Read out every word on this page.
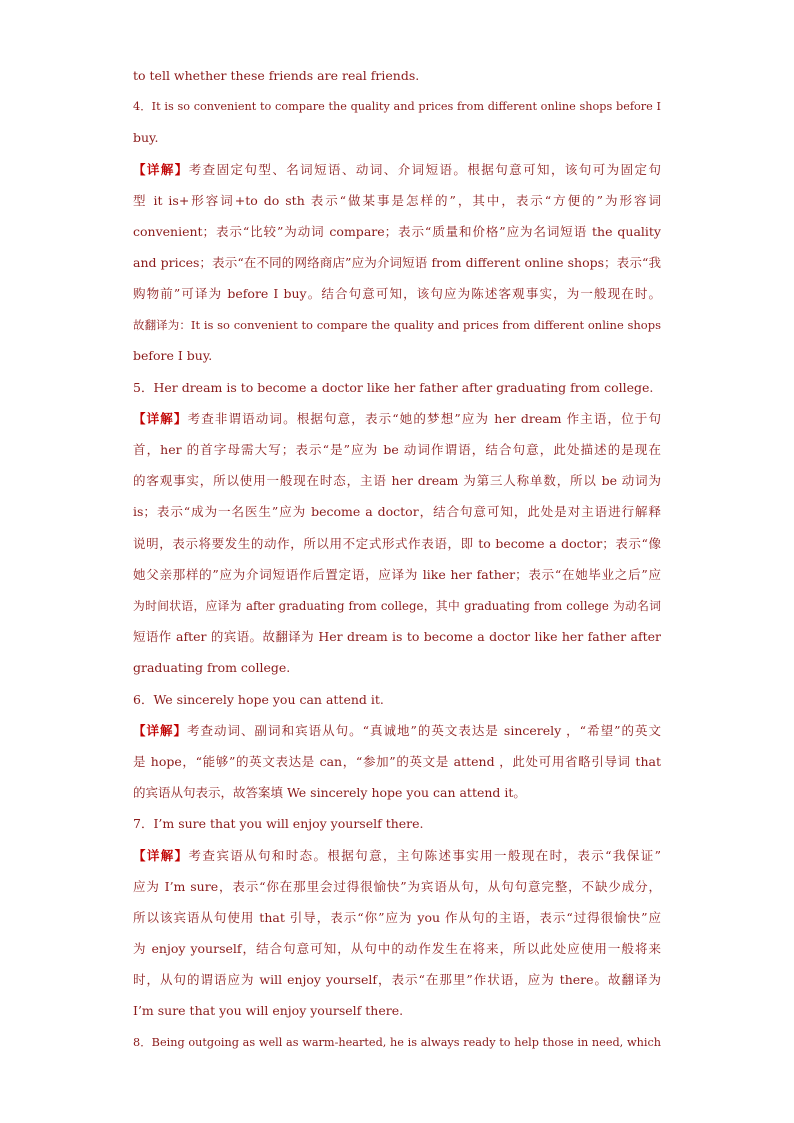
to tell whether these friends are real friends.
4．It is so convenient to compare the quality and prices from different online shops before I
buy.
【详解】考查固定句型、名词短语、动词、介词短语。根据句意可知，该句可为固定句
型 it is+形容词+to do sth 表示“做某事是怎样的”，其中，表示“方便的”为形容词
convenient；表示“比较”为动词 compare；表示“质量和价格”应为名词短语 the quality
and prices；表示“在不同的网络商店”应为介词短语 from different online shops；表示“我
购物前”可译为 before I buy。结合句意可知，该句应为陈述客观事实，为一般现在时。
故翻译为：It is so convenient to compare the quality and prices from different online shops
before I buy.
5．Her dream is to become a doctor like her father after graduating from college.
【详解】考查非谓语动词。根据句意，表示“她的梦想”应为 her dream 作主语，位于句
首，her 的首字母需大写；表示“是”应为 be 动词作谓语，结合句意，此处描述的是现在
的客观事实，所以使用一般现在时态，主语 her dream 为第三人称单数，所以 be 动词为
is；表示“成为一名医生”应为 become a doctor，结合句意可知，此处是对主语进行解释
说明，表示将要发生的动作，所以用不定式形式作表语，即 to become a doctor；表示“像
她父亲那样的”应为介词短语作后置定语，应译为 like her father；表示“在她毕业之后”应
为时间状语，应译为 after graduating from college，其中 graduating from college 为动名词
短语作 after 的宾语。故翻译为 Her dream is to become a doctor like her father after
graduating from college.
6．We sincerely hope you can attend it.
【详解】考查动词、副词和宾语从句。“真诚地”的英文表达是 sincerely ，“希望”的英文
是 hope，“能够”的英文表达是 can，“参加”的英文是 attend ，此处可用省略引导词 that
的宾语从句表示，故答案填 We sincerely hope you can attend it。
7．I’m sure that you will enjoy yourself there.
【详解】考查宾语从句和时态。根据句意，主句陈述事实用一般现在时，表示“我保证”
应为 I’m sure，表示“你在那里会过得很愉快”为宾语从句，从句句意完整，不缺少成分，
所以该宾语从句使用 that 引导，表示“你”应为 you 作从句的主语，表示“过得很愉快”应
为 enjoy yourself，结合句意可知，从句中的动作发生在将来，所以此处应使用一般将来
时，从句的谓语应为 will enjoy yourself，表示“在那里”作状语，应为 there。故翻译为
I’m sure that you will enjoy yourself there.
8．Being outgoing as well as warm-hearted, he is always ready to help those in need, which
